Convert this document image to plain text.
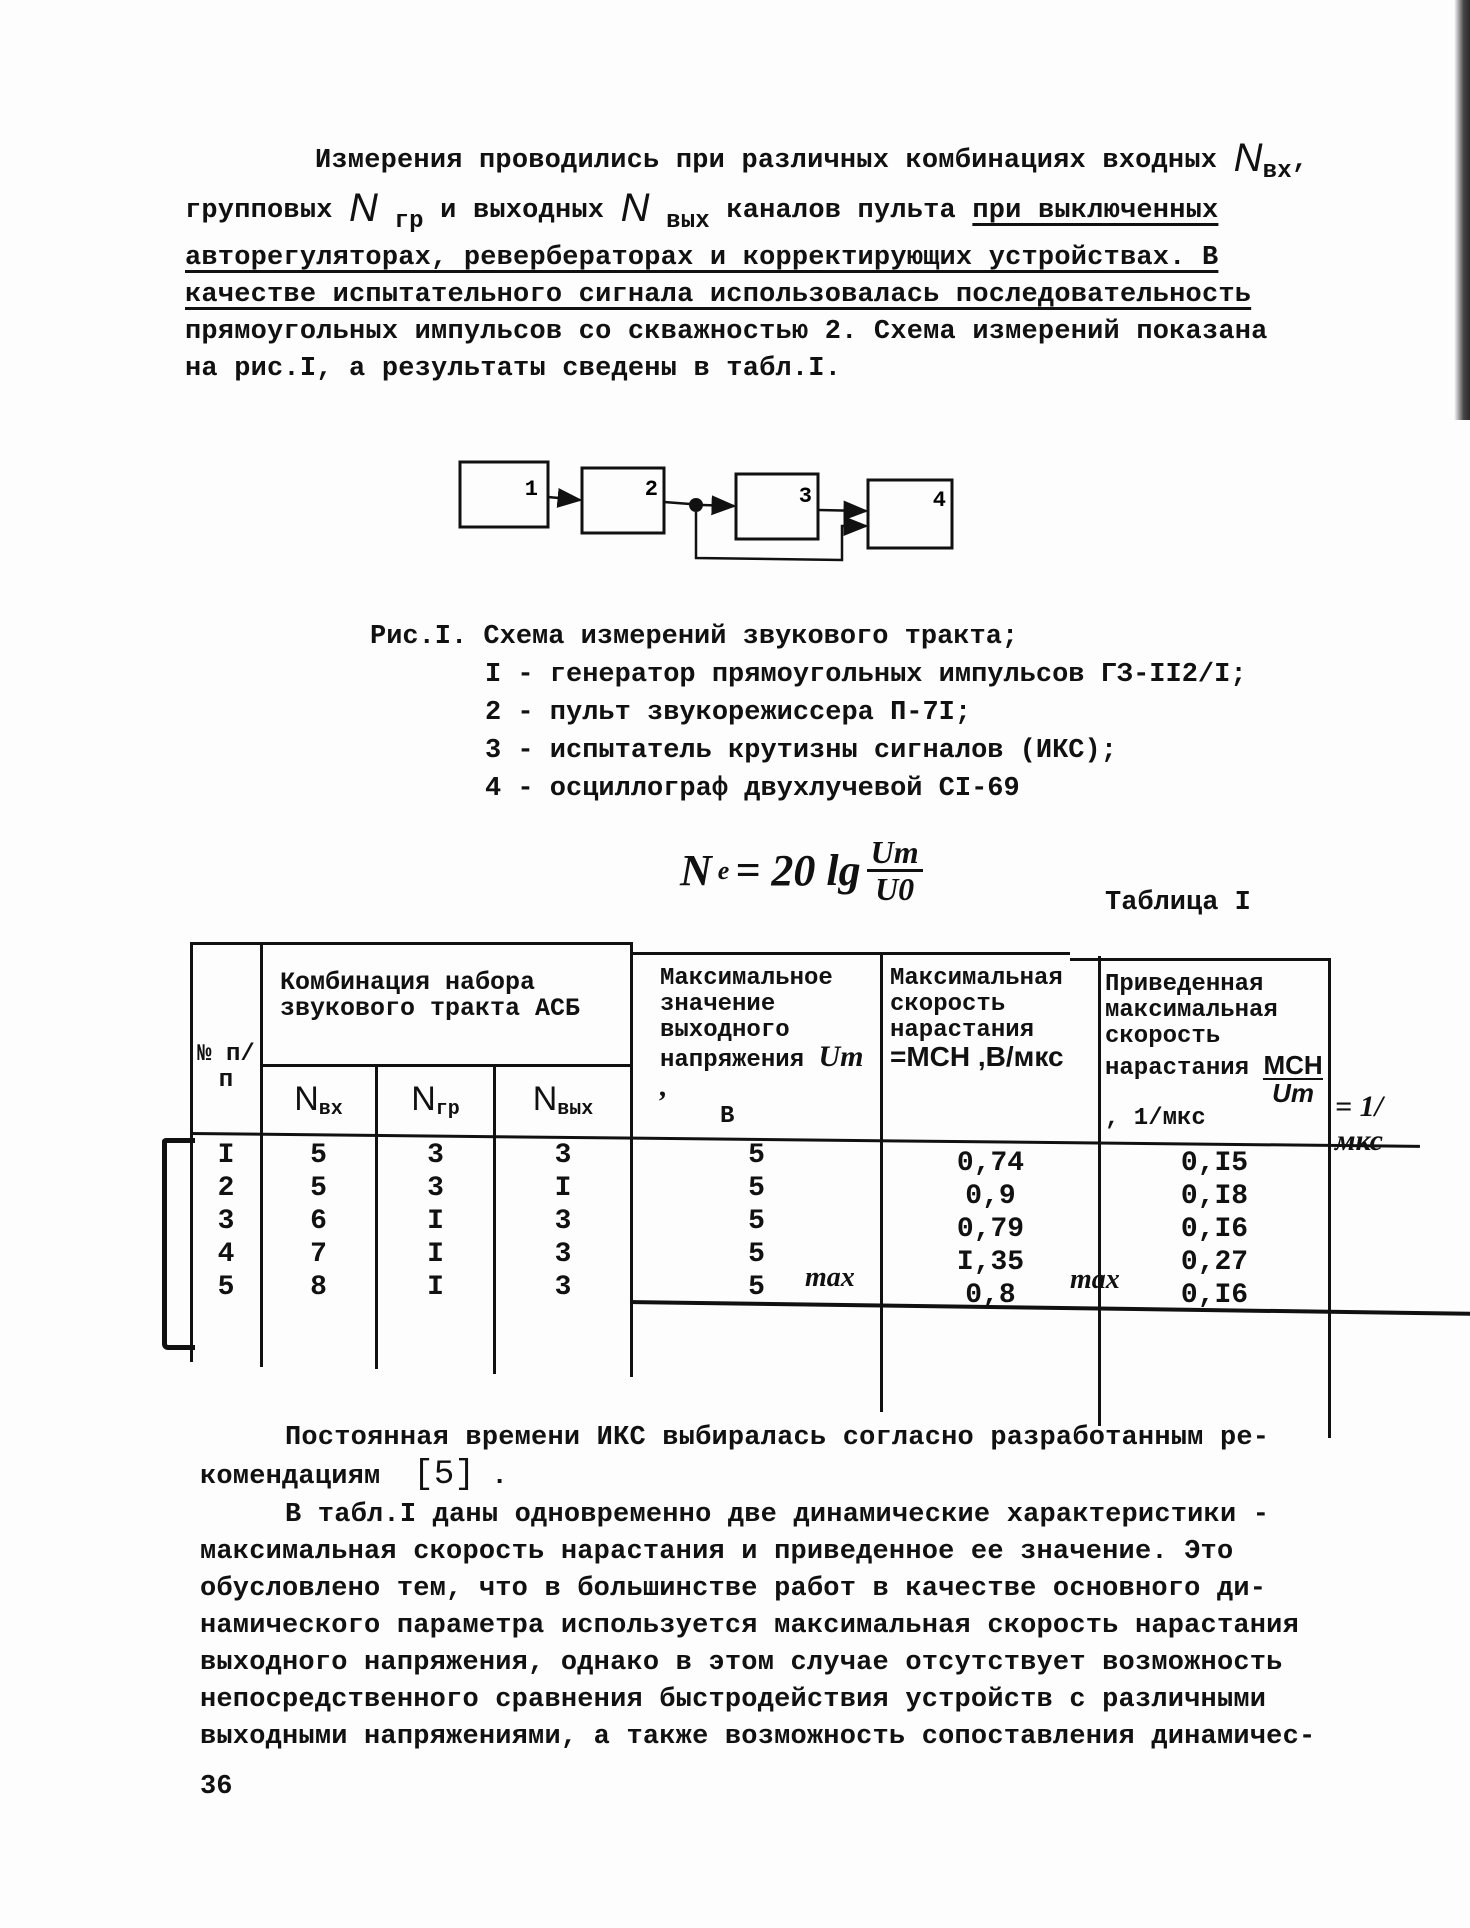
Измерения проводились при различных комбинациях входных Nвх,
групповых N гр и выходных N вых каналов пульта при выключенных
авторегуляторах, ревербераторах и корректирующих устройствах. В
качестве испытательного сигнала использовалась последовательность
прямоугольных импульсов со скважностью 2. Схема измерений показана
на рис.I, а результаты сведены в табл.I.
1	2	3	4
Рис.I. Схема измерений звукового тракта;
I - генератор прямоугольных импульсов ГЗ-II2/I;
2 - пульт звукорежиссера П-7I;
3 - испытатель крутизны сигналов (ИКС);
4 - осциллограф двухлучевой CI-69
N e = 20 $\lg \frac{Um}{U0}$	Таблица I
№ п/п
Комбинация набора звукового тракта АСБ
Nвх	Nгр	Nвых
Максимальное значение выходного напряжения Um ,
В
Максимальная скорость нарастания
=МСН ,В/мкс
Приведенная максимальная скорость нарастания МСН
Um
, 1/мкс	= 1/мкс
I	5	3	3	5	0,74	0,I5
2	5	3	I	5	0,9	0,I8
3	6	I	3	5	0,79	0,I6
4	7	I	3	5	I,35	0,27
5	8	I	3	5	0,8	0,I6
max	max
Постоянная времени ИКС выбиралась согласно разработанным ре-
комендациям [5] .
В табл.I даны одновременно две динамические характеристики -
максимальная скорость нарастания и приведенное ее значение. Это
обусловлено тем, что в большинстве работ в качестве основного ди-
намического параметра используется максимальная скорость нарастания
выходного напряжения, однако в этом случае отсутствует возможность
непосредственного сравнения быстродействия устройств с различными
выходными напряжениями, а также возможность сопоставления динамичес-
36
